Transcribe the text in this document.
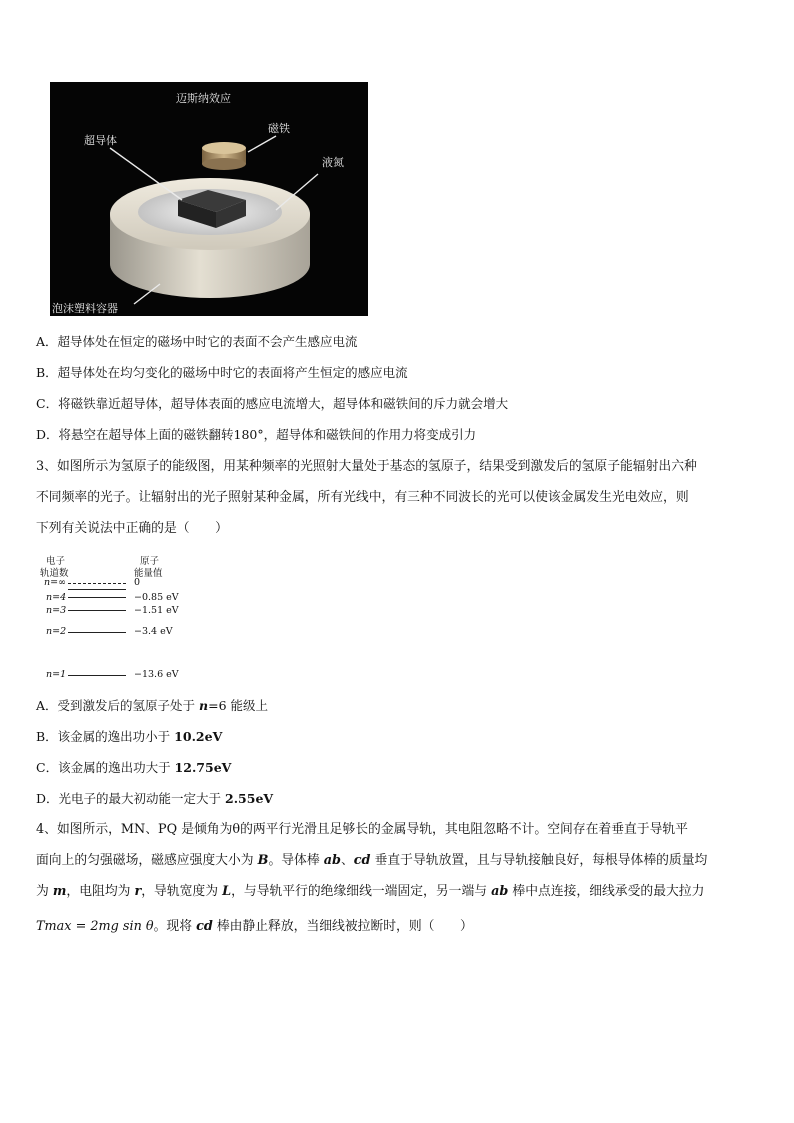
迈斯纳效应
超导体
磁铁
液氮
泡沫塑料容器
A．超导体处在恒定的磁场中时它的表面不会产生感应电流
B．超导体处在均匀变化的磁场中时它的表面将产生恒定的感应电流
C．将磁铁靠近超导体，超导体表面的感应电流增大，超导体和磁铁间的斥力就会增大
D．将悬空在超导体上面的磁铁翻转180°，超导体和磁铁间的作用力将变成引力
3、如图所示为氢原子的能级图，用某种频率的光照射大量处于基态的氢原子，结果受到激发后的氢原子能辐射出六种
不同频率的光子。让辐射出的光子照射某种金属，所有光线中，有三种不同波长的光可以使该金属发生光电效应，则
下列有关说法中正确的是（　　）
电子
轨道数
原子
能量值
n=∞	0
n=4	−0.85 eV
n=3	−1.51 eV
n=2	−3.4 eV
n=1	−13.6 eV
A．受到激发后的氢原子处于 n=6 能级上
B．该金属的逸出功小于 10.2eV
C．该金属的逸出功大于 12.75eV
D．光电子的最大初动能一定大于 2.55eV
4、如图所示，MN、PQ 是倾角为θ的两平行光滑且足够长的金属导轨，其电阻忽略不计。空间存在着垂直于导轨平
面向上的匀强磁场，磁感应强度大小为 B。导体棒 ab、cd 垂直于导轨放置，且与导轨接触良好，每根导体棒的质量均
为 m，电阻均为 r，导轨宽度为 L，与导轨平行的绝缘细线一端固定，另一端与 ab 棒中点连接，细线承受的最大拉力
Tmax = 2mg sin θ。现将 cd 棒由静止释放，当细线被拉断时，则（　　）
